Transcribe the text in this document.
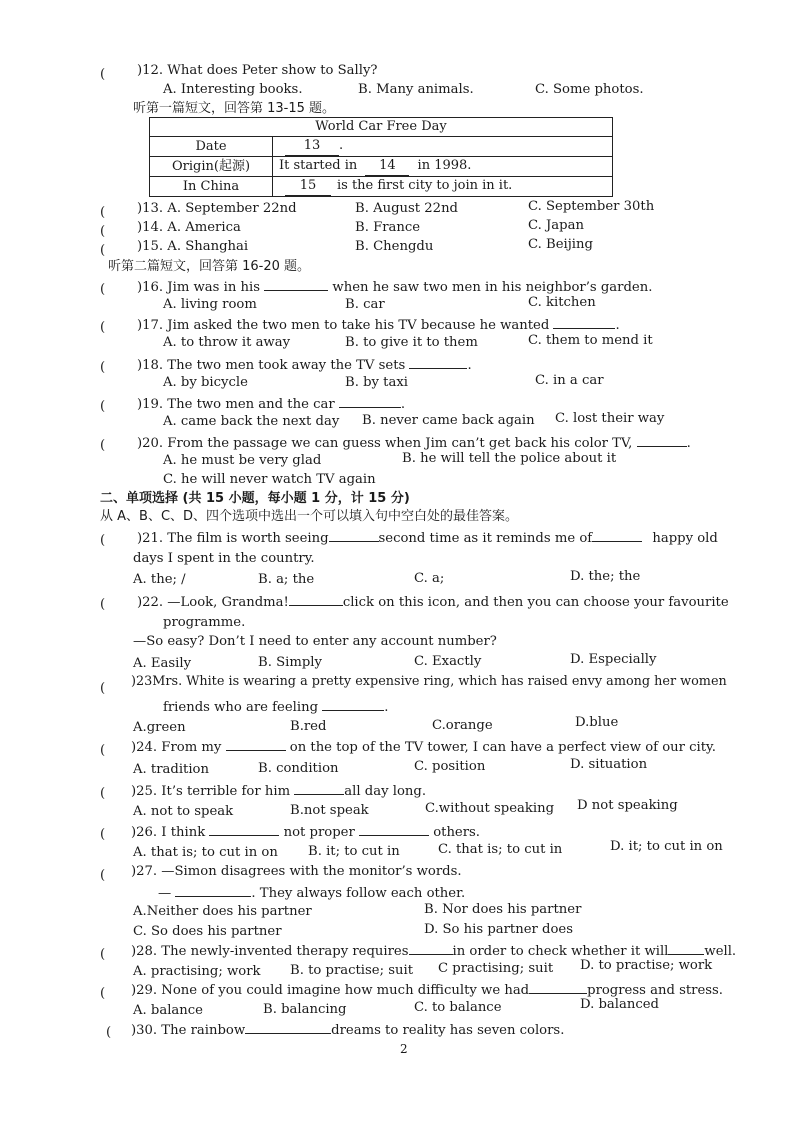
( )12. What does Peter show to Sally?
A. Interesting books.	B. Many animals.	C. Some photos.
听第一篇短文，回答第 13-15 题。
World Car Free Day	
Date	13 .
Origin(起源)	It started in 14 in 1998.
In China	15 is the first city to join in it.
( )13. A. September 22nd	B. August 22nd	C. September 30th
( )14. A. America	B. France	C. Japan
( )15. A. Shanghai	B. Chengdu	C. Beijing
听第二篇短文，回答第 16-20 题。
( )16. Jim was in his	when he saw two men in his neighbor’s garden.
A. living room	B. car	C. kitchen
( )17. Jim asked the two men to take his TV because he wanted	.
A. to throw it away	B. to give it to them	C. them to mend it
( )18. The two men took away the TV sets	.
A. by bicycle	B. by taxi	C. in a car
( )19. The two men and the car	.
A. came back the next day B. never came back again C. lost their way
( )20. From the passage we can guess when Jim can’t get back his color TV,	.
A. he must be very glad	B. he will tell the police about it
C. he will never watch TV again
二、单项选择 (共 15 小题，每小题 1 分，计 15 分)
从 A、B、C、D、四个选项中选出一个可以填入句中空白处的最佳答案。
( )21. The film is worth seeing	second time as it reminds me of	happy old
days I spent in the country.
A. the; /	B. a; the	C. a;	D. the; the
( )22. —Look, Grandma!	click on this icon, and then you can choose your favourite
programme.
—So easy? Don’t I need to enter any account number?
A. Easily	B. Simply	C. Exactly	D. Especially
( )23Mrs. White is wearing a pretty expensive ring, which has raised envy among her women
friends who are feeling	.
A.green	B.red	C.orange	D.blue
( )24. From my	on the top of the TV tower, I can have a perfect view of our city.
A. tradition	B. condition	C. position	D. situation
( )25. It’s terrible for him	all day long.
A. not to speak	B.not speak	C.without speaking D not speaking
( )26. I think	not proper	others.
A. that is; to cut in on B. it; to cut in	C. that is; to cut in	D. it; to cut in on
( )27. —Simon disagrees with the monitor’s words.
—	. They always follow each other.
A.Neither does his partner	B. Nor does his partner
C. So does his partner	D. So his partner does
( )28. The newly-invented therapy requires	in order to check whether it will	well.
A. practising; work B. to practise; suit C practising; suit D. to practise; work
( )29. None of you could imagine how much difficulty we had	progress and stress.
A. balance	B. balancing	C. to balance	D. balanced
( )30. The rainbow	dreams to reality has seven colors.
2
